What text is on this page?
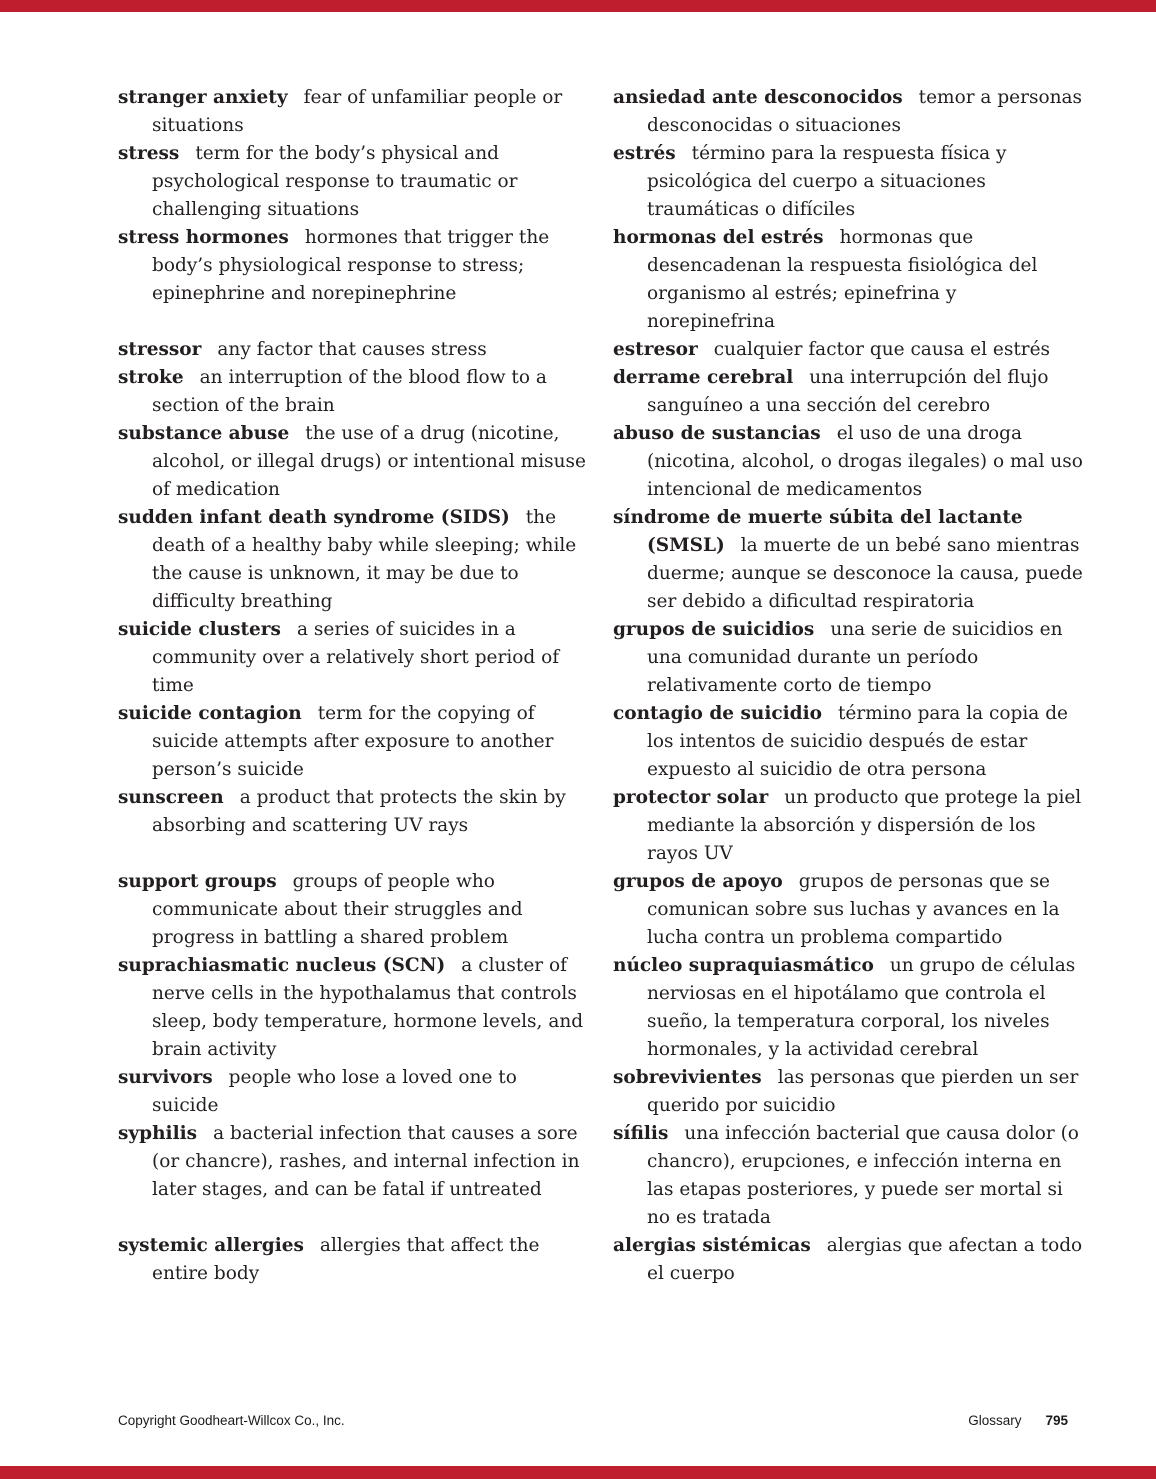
stranger anxiety fear of unfamiliar people or situations

ansiedad ante desconocidos temor a personas desconocidas o situaciones

stress term for the body’s physical and psychological response to traumatic or challenging situations

estrés término para la respuesta física y psicológica del cuerpo a situaciones traumáticas o difíciles

stress hormones hormones that trigger the body’s physiological response to stress; epinephrine and norepinephrine

hormonas del estrés hormonas que desencadenan la respuesta fisiológica del organismo al estrés; epinefrina y norepinefrina

stressor any factor that causes stress	estresor cualquier factor que causa el estrés

stroke an interruption of the blood flow to a section of the brain

derrame cerebral una interrupción del flujo sanguíneo a una sección del cerebro

substance abuse the use of a drug (nicotine, alcohol, or illegal drugs) or intentional misuse of medication

abuso de sustancias el uso de una droga (nicotina, alcohol, o drogas ilegales) o mal uso intencional de medicamentos

sudden infant death syndrome (SIDS) the death of a healthy baby while sleeping; while the cause is unknown, it may be due to difficulty breathing

síndrome de muerte súbita del lactante (SMSL) la muerte de un bebé sano mientras duerme; aunque se desconoce la causa, puede ser debido a dificultad respiratoria

suicide clusters a series of suicides in a community over a relatively short period of time

grupos de suicidios una serie de suicidios en una comunidad durante un período relativamente corto de tiempo

suicide contagion term for the copying of suicide attempts after exposure to another person’s suicide

contagio de suicidio término para la copia de los intentos de suicidio después de estar expuesto al suicidio de otra persona

sunscreen a product that protects the skin by absorbing and scattering UV rays

protector solar un producto que protege la piel mediante la absorción y dispersión de los rayos UV

support groups groups of people who communicate about their struggles and progress in battling a shared problem

grupos de apoyo grupos de personas que se comunican sobre sus luchas y avances en la lucha contra un problema compartido

suprachiasmatic nucleus (SCN) a cluster of nerve cells in the hypothalamus that controls sleep, body temperature, hormone levels, and brain activity

núcleo supraquiasmático un grupo de células nerviosas en el hipotálamo que controla el sueño, la temperatura corporal, los niveles hormonales, y la actividad cerebral

survivors people who lose a loved one to suicide

sobrevivientes las personas que pierden un ser querido por suicidio

syphilis a bacterial infection that causes a sore (or chancre), rashes, and internal infection in later stages, and can be fatal if untreated

sífilis una infección bacterial que causa dolor (o chancro), erupciones, e infección interna en las etapas posteriores, y puede ser mortal si no es tratada

systemic allergies allergies that affect the entire body

alergias sistémicas alergias que afectan a todo el cuerpo

Copyright Goodheart-Willcox Co., Inc.	Glossary 795
